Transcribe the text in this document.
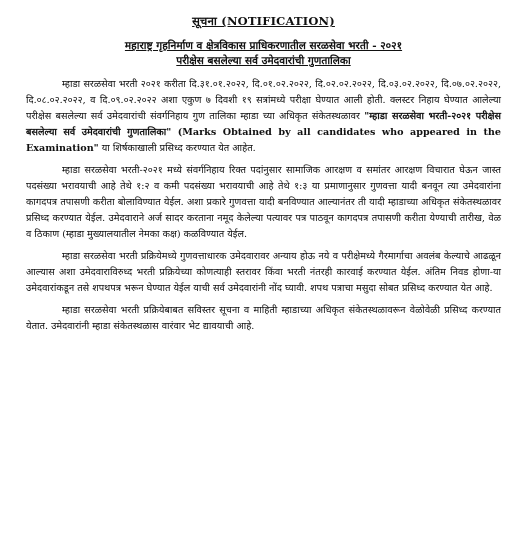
सूचना (NOTIFICATION)
महाराष्ट्र गृहनिर्माण व क्षेत्रविकास प्राधिकरणातील सरळसेवा भरती - २०२१
परीक्षेस बसलेल्या सर्व उमेदवारांची गुणतालिका

म्हाडा सरळसेवा भरती २०२१ करीता दि.३१.०१.२०२२, दि.०१.०२.२०२२, दि.०२.०२.२०२२, दि.०३.०२.२०२२, दि.०७.०२.२०२२, दि.०८.०२.२०२२, व दि.०९.०२.२०२२ अशा एकुण ७ दिवशी १९ सत्रांमध्ये परीक्षा घेण्यात आली होती. क्लस्टर निहाय घेण्यात आलेल्या परीक्षेस बसलेल्या सर्व उमेदवारांची संवर्गनिहाय गुण तालिका म्हाडा च्या अधिकृत संकेतस्थळावर "म्हाडा सरळसेवा भरती-२०२१ परीक्षेस बसलेल्या सर्व उमेदवारांची गुणतालिका" (Marks Obtained by all candidates who appeared in the Examination" या शिर्षकाखाली प्रसिध्द करण्यात येत आहेत.

म्हाडा सरळसेवा भरती-२०२१ मध्ये संवर्गनिहाय रिक्त पदांनुसार सामाजिक आरक्षण व समांतर आरक्षण विचारात घेऊन जास्त पदसंख्या भरावयाची आहे तेथे १:२ व कमी पदसंख्या भरावयाची आहे तेथे १:३ या प्रमाणानुसार गुणवत्ता यादी बनवून त्या उमेदवारांना कागदपत्र तपासणी करीता बोलाविण्यात येईल. अशा प्रकारे गुणवत्ता यादी बनविण्यात आल्यानंतर ती यादी म्हाडाच्या अधिकृत संकेतस्थळावर प्रसिध्द करण्यात येईल. उमेदवाराने अर्ज सादर करताना नमूद केलेल्या पत्यावर पत्र पाठवून कागदपत्र तपासणी करीता येण्याची तारीख, वेळ व ठिकाण (म्हाडा मुख्यालयातील नेमका कक्ष) कळविण्यात येईल.

म्हाडा सरळसेवा भरती प्रक्रियेमध्ये गुणवत्ताधारक उमेदवारावर अन्याय होऊ नये व परीक्षेमध्ये गैरमार्गाचा अवलंब केल्याचे आढळून आल्यास अशा उमेदवाराविरुध्द भरती प्रक्रियेच्या कोणत्याही स्तरावर किंवा भरती नंतरही कारवाई करण्यात येईल. अंतिम निवड होणा-या उमेदवारांकडून तसे शपथपत्र भरून घेण्यात येईल याची सर्व उमेदवारांनी नोंद घ्यावी. शपथ पत्राचा मसुदा सोबत प्रसिध्द करण्यात येत आहे.

म्हाडा सरळसेवा भरती प्रक्रियेबाबत सविस्तर सूचना व माहिती म्हाडाच्या अधिकृत संकेतस्थळावरून वेळोवेळी प्रसिध्द करण्यात येतात. उमेदवारांनी म्हाडा संकेतस्थळास वारंवार भेट द्यावयाची आहे.
